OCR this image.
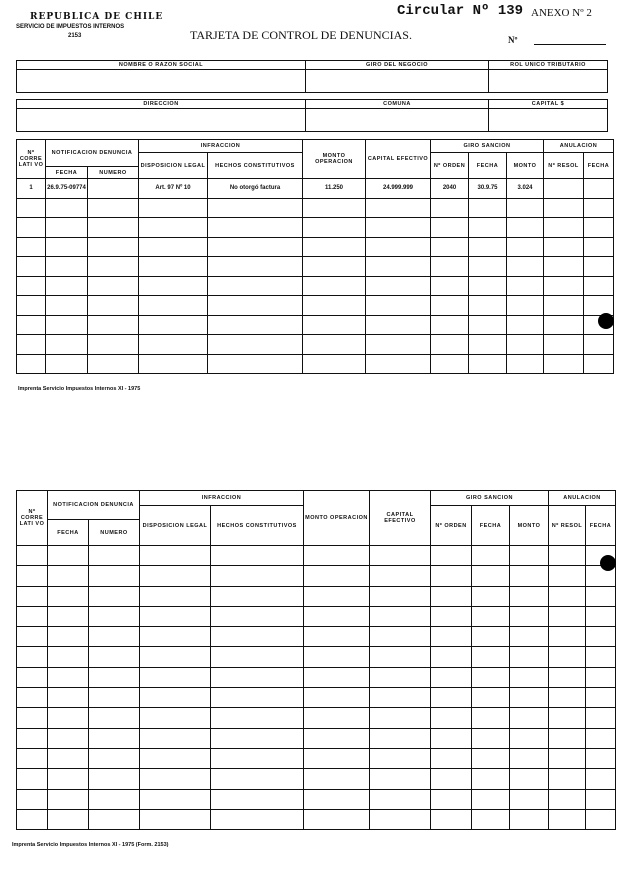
REPUBLICA DE CHILE
SERVICIO DE IMPUESTOS INTERNOS
2153	TARJETA DE CONTROL DE DENUNCIAS.
Circular Nº 139 ANEXO Nº 2
Nº
NOMBRE O RAZON SOCIAL	GIRO DEL NEGOCIO	ROL UNICO TRIBUTARIO

DIRECCION	COMUNA	CAPITAL $

Nº CORRE LATI VO	NOTIFICACION DENUNCIA		INFRACCION		MONTO OPERACION	CAPITAL EFECTIVO	GIRO SANCION			ANULACION	
			DISPOSICION LEGAL	HECHOS CONSTITUTIVOS			Nº ORDEN	FECHA	MONTO	Nº RESOL	FECHA
	FECHA	NUMERO									
1	26.9.75-09774		Art. 97 Nº 10	No otorgó factura	11.250	24.999.999	2040	30.9.75	3.024		

Imprenta Servicio Impuestos Internos XI - 1975
Nº CORRE LATI VO	NOTIFICACION DENUNCIA		INFRACCION		MONTO OPERACION	CAPITAL EFECTIVO	GIRO SANCION			ANULACION	
			DISPOSICION LEGAL	HECHOS CONSTITUTIVOS			Nº ORDEN	FECHA	MONTO	Nº RESOL	FECHA
	FECHA	NUMERO									

Imprenta Servicio Impuestos Internos XI - 1975 (Form. 2153)
